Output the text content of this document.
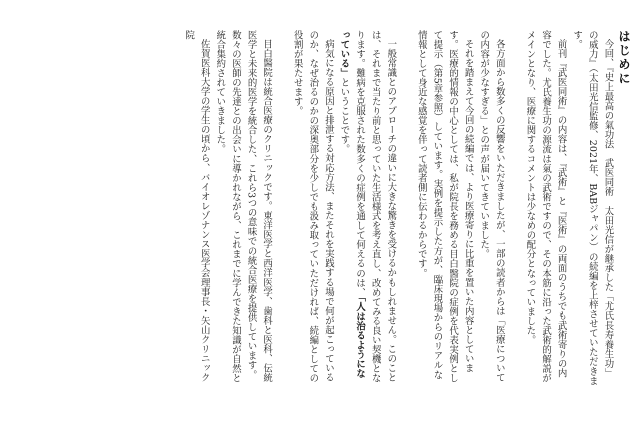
はじめに

今回、『史上最高の氣功法　武医同術　太田光信が継承した「尤氏長寿養生功」の威力』（太田光信監修、2021年、BABジャパン）の続編を上梓させていただきます。

前刊『武医同術』の内容は、『武術』と『医術』の両面のうちでも武術寄りの内容でした。尤氏養生功の源流は氣の武術ですので、その本筋に沿った武術的解説がメインとなり、医療に関するコメントは少なめの配分となっていました。

各方面から数多くの反響をいただきましたが、一部の読者からは「医療についての内容が少なすぎる」との声が届いてきていました。

それを踏まえて今回の続編では、より医療寄りに比重を置いた内容としています。医療的情報の中心としては、私が院長を務める目白醫院の症例を代表実例として提示（第5章参照）しています。実例を提示した方が、臨床現場からのリアルな情報として身近な感覚を伴って読者側に伝わるからです。

一般常識とのアプローチの違いに大きな驚きを受けるかもしれません。このことは、それまで当たり前と思っていた生活様式を考え直し、改めてみる良い契機となります。難病を克服された数多くの症例を通して何えるのは、「人は治るようになっている」ということです。

病気になる原因と排泄する対応方法、またそれを実践する場で何が起こっているのか、なぜ治るのかの深奥部分を少しでも汲み取っていただければ、続編としての役割が果たせます。

目白醫院は統合医療のクリニックです。東洋医学と西洋医学、歯科と医科、伝統医学と未来的医学を統合した、これら3つの意味での統合医療を提供しています。数々の医師の先達との出会いに導かれながら、これまでに学んできた知識が自然と統合集約されていきました。

佐賀医科大学の学生の頃から、バイオレゾナンス医学会理事長・矢山クリニック院
